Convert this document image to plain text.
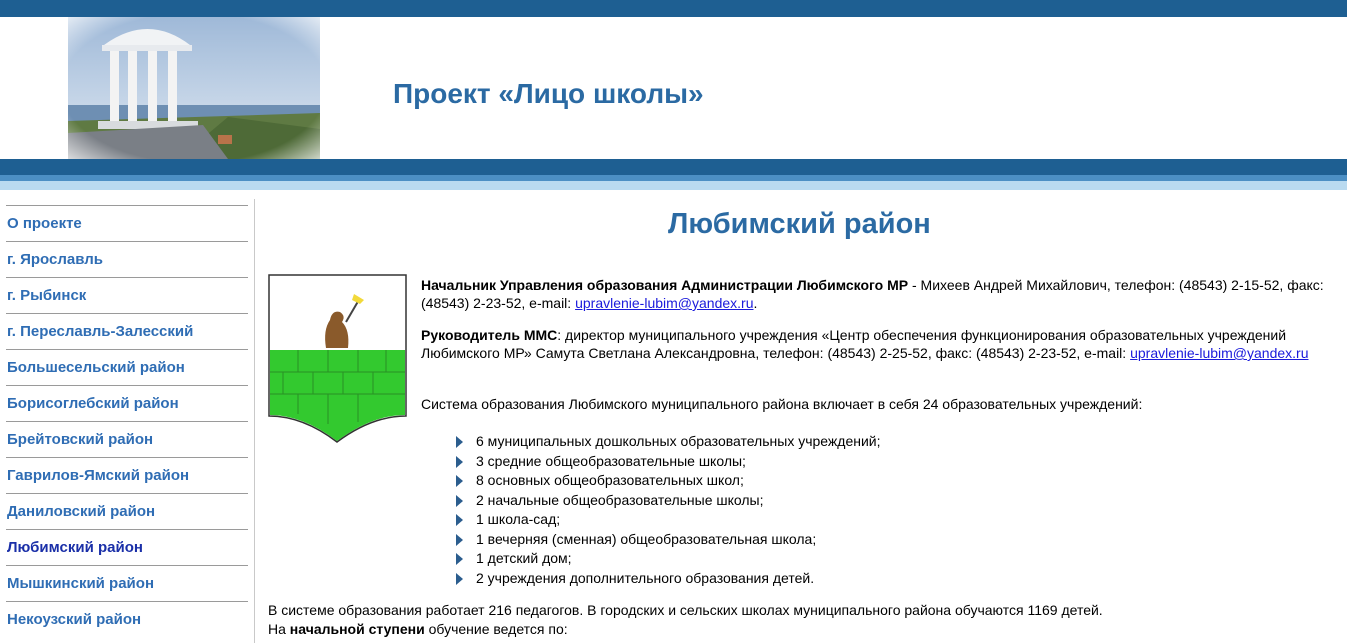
Проект «Лицо школы»
О проекте
г. Ярославль
г. Рыбинск
г. Переславль-Залесский
Большесельский район
Борисоглебский район
Брейтовский район
Гаврилов-Ямский район
Даниловский район
Любимский район
Мышкинский район
Некоузский район
Любимский район
Начальник Управления образования Администрации Любимского МР - Михеев Андрей Михайлович, телефон: (48543) 2-15-52, факс: (48543) 2-23-52, e-mail: upravlenie-lubim@yandex.ru.
Руководитель ММС: директор муниципального учреждения «Центр обеспечения функционирования образовательных учреждений Любимского МР» Самута Светлана Александровна, телефон: (48543) 2-25-52, факс: (48543) 2-23-52, e-mail: upravlenie-lubim@yandex.ru
Система образования Любимского муниципального района включает в себя 24 образовательных учреждений:
6 муниципальных дошкольных образовательных учреждений;
3 средние общеобразовательные школы;
8 основных общеобразовательных школ;
2 начальные общеобразовательные школы;
1 школа-сад;
1 вечерняя (сменная) общеобразовательная школа;
1 детский дом;
2 учреждения дополнительного образования детей.
В системе образования работает 216 педагогов. В городских и сельских школах муниципального района обучаются 1169 детей.
На начальной ступени обучение ведется по:
